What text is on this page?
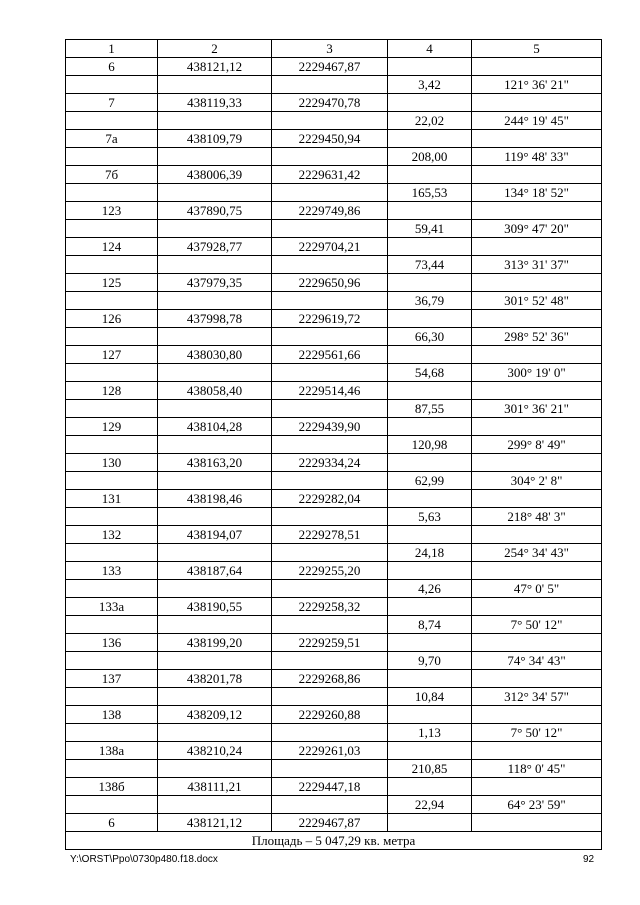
1	2	3	4	5
6	438121,12	2229467,87		
			3,42	121° 36' 21"
7	438119,33	2229470,78		
			22,02	244° 19' 45"
7а	438109,79	2229450,94		
			208,00	119° 48' 33"
7б	438006,39	2229631,42		
			165,53	134° 18' 52"
123	437890,75	2229749,86		
			59,41	309° 47' 20"
124	437928,77	2229704,21		
			73,44	313° 31' 37"
125	437979,35	2229650,96		
			36,79	301° 52' 48"
126	437998,78	2229619,72		
			66,30	298° 52' 36"
127	438030,80	2229561,66		
			54,68	300° 19' 0"
128	438058,40	2229514,46		
			87,55	301° 36' 21"
129	438104,28	2229439,90		
			120,98	299° 8' 49"
130	438163,20	2229334,24		
			62,99	304° 2' 8"
131	438198,46	2229282,04		
			5,63	218° 48' 3"
132	438194,07	2229278,51		
			24,18	254° 34' 43"
133	438187,64	2229255,20		
			4,26	47° 0' 5"
133а	438190,55	2229258,32		
			8,74	7° 50' 12"
136	438199,20	2229259,51		
			9,70	74° 34' 43"
137	438201,78	2229268,86		
			10,84	312° 34' 57"
138	438209,12	2229260,88		
			1,13	7° 50' 12"
138а	438210,24	2229261,03		
			210,85	118° 0' 45"
138б	438111,21	2229447,18		
			22,94	64° 23' 59"
6	438121,12	2229467,87		
Площадь – 5 047,29 кв. метра				
Y:\ORST\Ppo\0730p480.f18.docx	92
